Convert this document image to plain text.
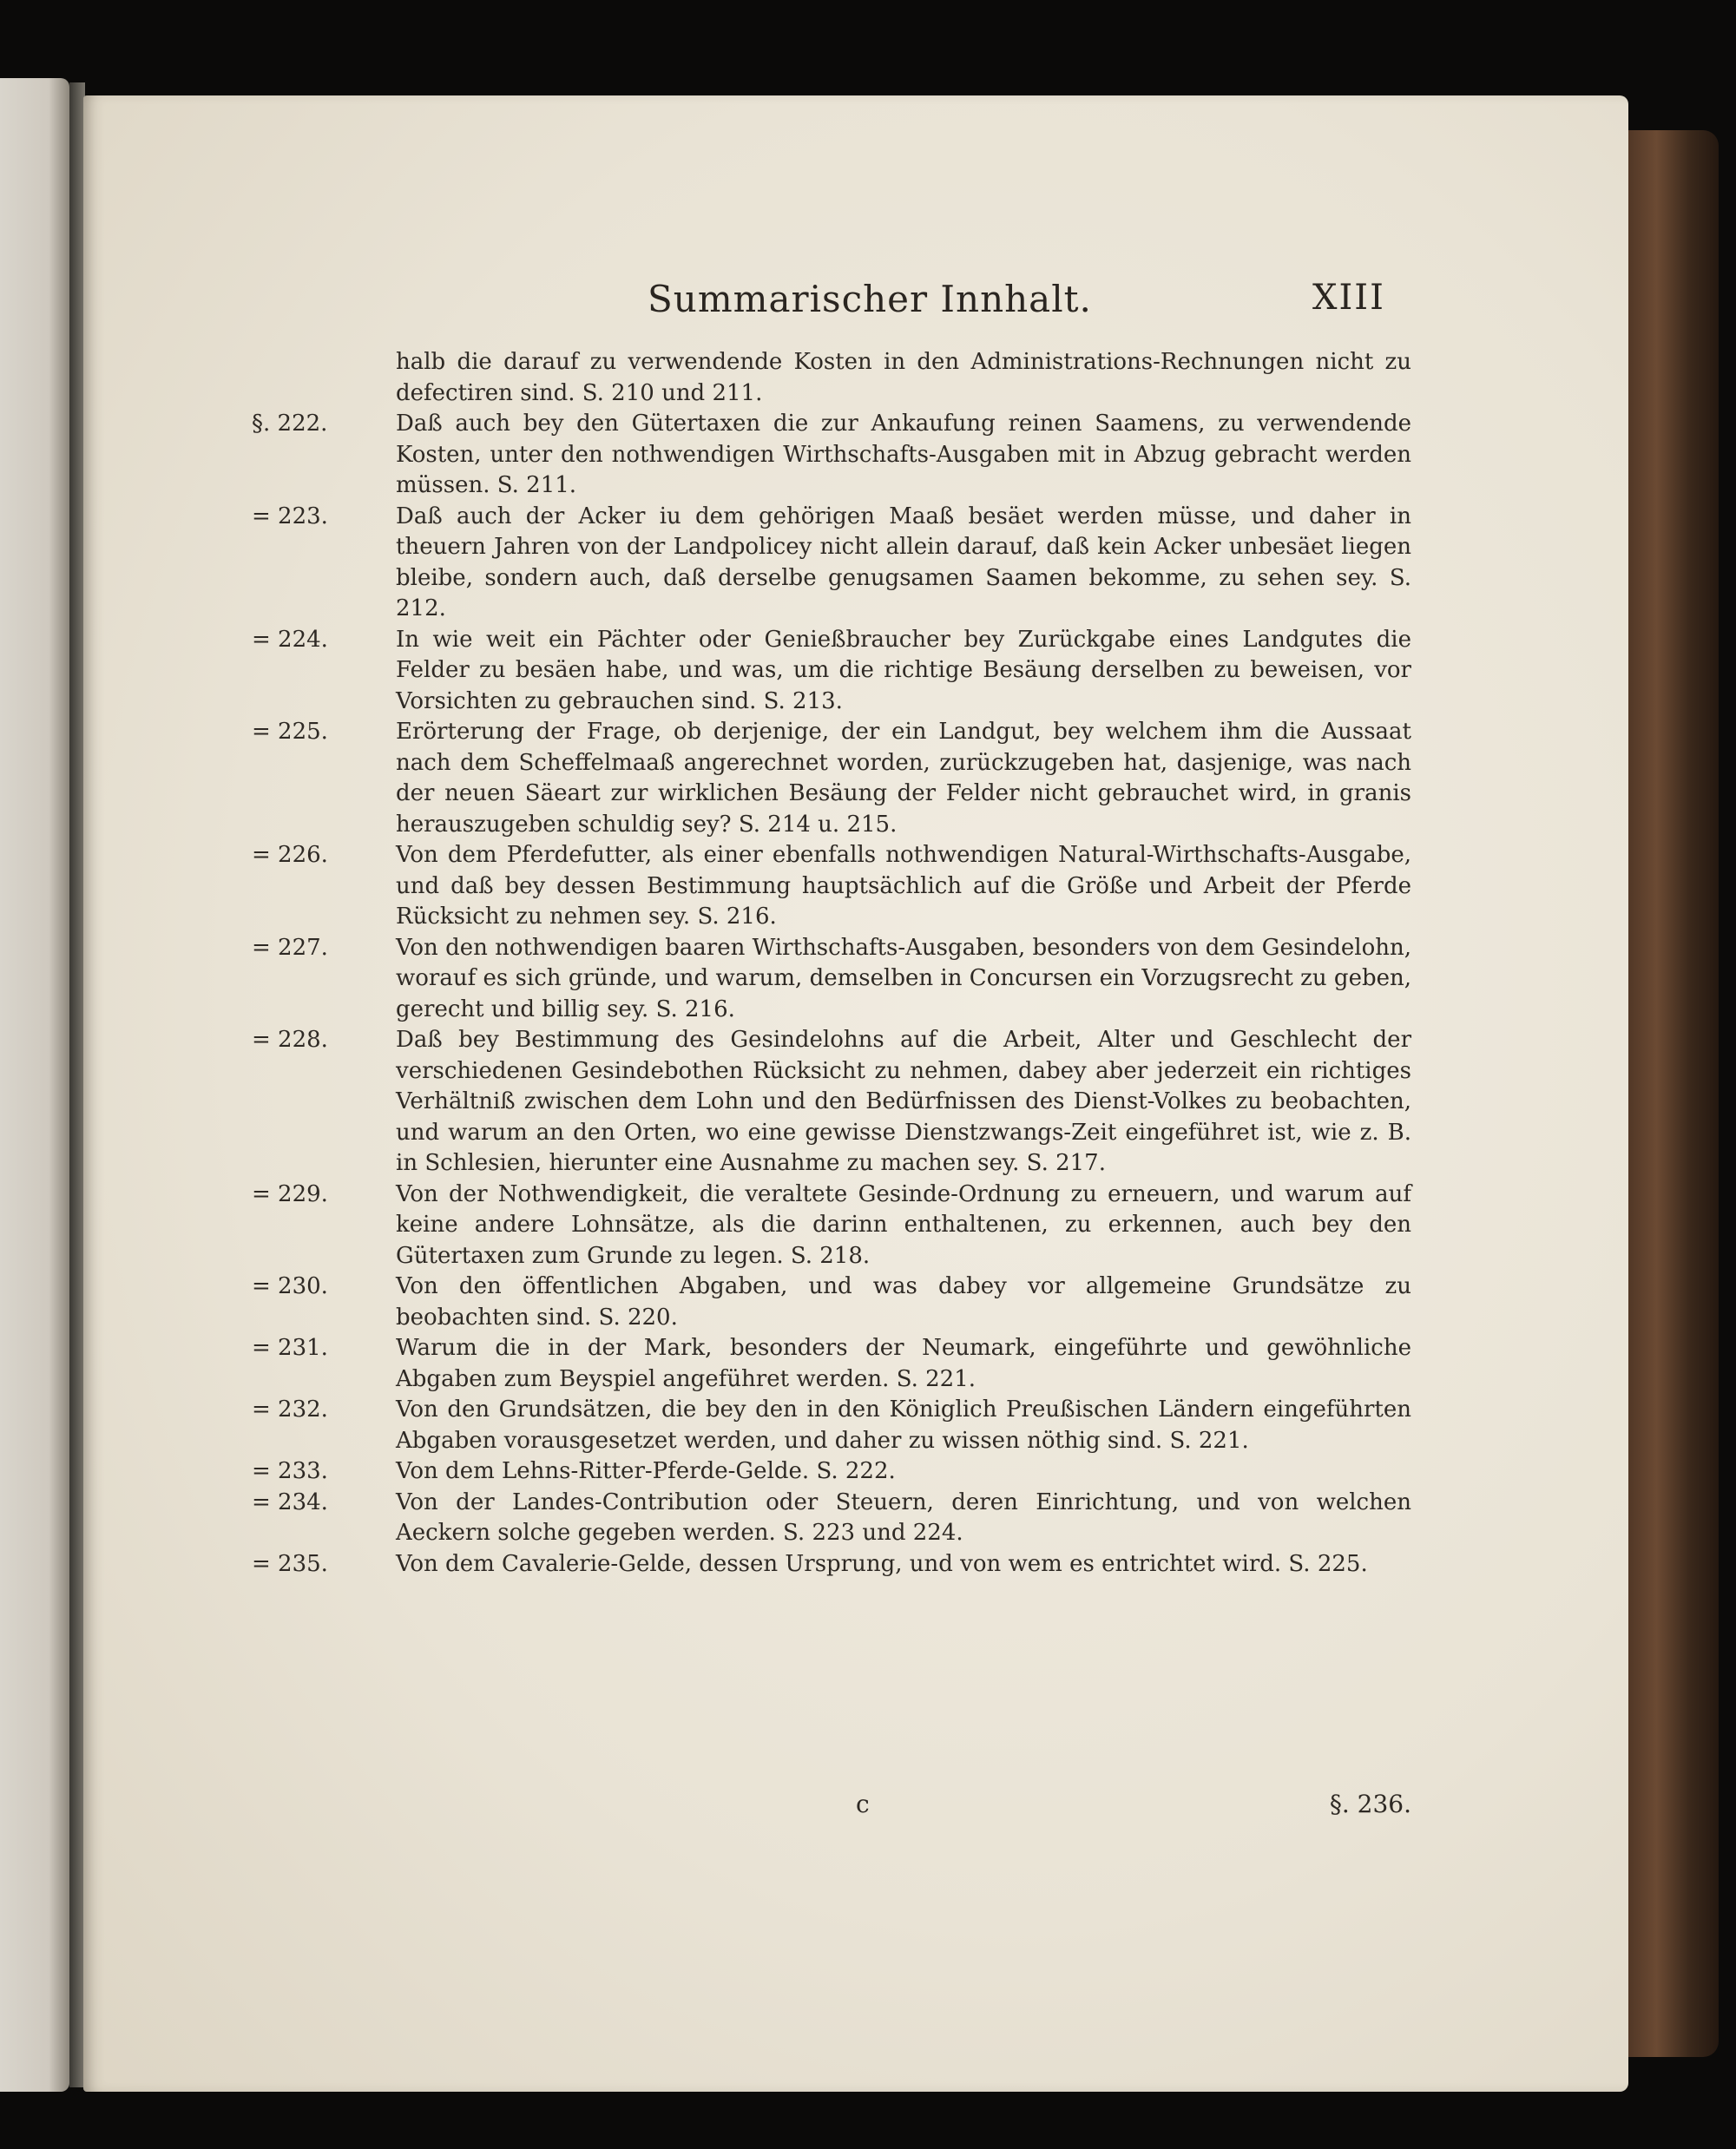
Summarischer Innhalt.	XIII
halb die darauf zu verwendende Kosten in den Administrations-Rechnungen nicht zu defectiren sind. S. 210 und 211.
§. 222.	Daß auch bey den Gütertaxen die zur Ankaufung reinen Saamens, zu verwendende Kosten, unter den nothwendigen Wirthschafts-Ausgaben mit in Abzug gebracht werden müssen. S. 211.
= 223.	Daß auch der Acker iu dem gehörigen Maaß besäet werden müsse, und daher in theuern Jahren von der Landpolicey nicht allein darauf, daß kein Acker unbesäet liegen bleibe, sondern auch, daß derselbe genugsamen Saamen bekomme, zu sehen sey. S. 212.
= 224.	In wie weit ein Pächter oder Genießbraucher bey Zurückgabe eines Landgutes die Felder zu besäen habe, und was, um die richtige Besäung derselben zu beweisen, vor Vorsichten zu gebrauchen sind. S. 213.
= 225.	Erörterung der Frage, ob derjenige, der ein Landgut, bey welchem ihm die Aussaat nach dem Scheffelmaaß angerechnet worden, zurückzugeben hat, dasjenige, was nach der neuen Säeart zur wirklichen Besäung der Felder nicht gebrauchet wird, in granis herauszugeben schuldig sey? S. 214 u. 215.
= 226.	Von dem Pferdefutter, als einer ebenfalls nothwendigen Natural-Wirthschafts-Ausgabe, und daß bey dessen Bestimmung hauptsächlich auf die Größe und Arbeit der Pferde Rücksicht zu nehmen sey. S. 216.
= 227.	Von den nothwendigen baaren Wirthschafts-Ausgaben, besonders von dem Gesindelohn, worauf es sich gründe, und warum, demselben in Concursen ein Vorzugsrecht zu geben, gerecht und billig sey. S. 216.
= 228.	Daß bey Bestimmung des Gesindelohns auf die Arbeit, Alter und Geschlecht der verschiedenen Gesindebothen Rücksicht zu nehmen, dabey aber jederzeit ein richtiges Verhältniß zwischen dem Lohn und den Bedürfnissen des Dienst-Volkes zu beobachten, und warum an den Orten, wo eine gewisse Dienstzwangs-Zeit eingeführet ist, wie z. B. in Schlesien, hierunter eine Ausnahme zu machen sey. S. 217.
= 229.	Von der Nothwendigkeit, die veraltete Gesinde-Ordnung zu erneuern, und warum auf keine andere Lohnsätze, als die darinn enthaltenen, zu erkennen, auch bey den Gütertaxen zum Grunde zu legen. S. 218.
= 230.	Von den öffentlichen Abgaben, und was dabey vor allgemeine Grundsätze zu beobachten sind. S. 220.
= 231.	Warum die in der Mark, besonders der Neumark, eingeführte und gewöhnliche Abgaben zum Beyspiel angeführet werden. S. 221.
= 232.	Von den Grundsätzen, die bey den in den Königlich Preußischen Ländern eingeführten Abgaben vorausgesetzet werden, und daher zu wissen nöthig sind. S. 221.
= 233.	Von dem Lehns-Ritter-Pferde-Gelde. S. 222.
= 234.	Von der Landes-Contribution oder Steuern, deren Einrichtung, und von welchen Aeckern solche gegeben werden. S. 223 und 224.
= 235.	Von dem Cavalerie-Gelde, dessen Ursprung, und von wem es entrichtet wird. S. 225.
c	§. 236.
